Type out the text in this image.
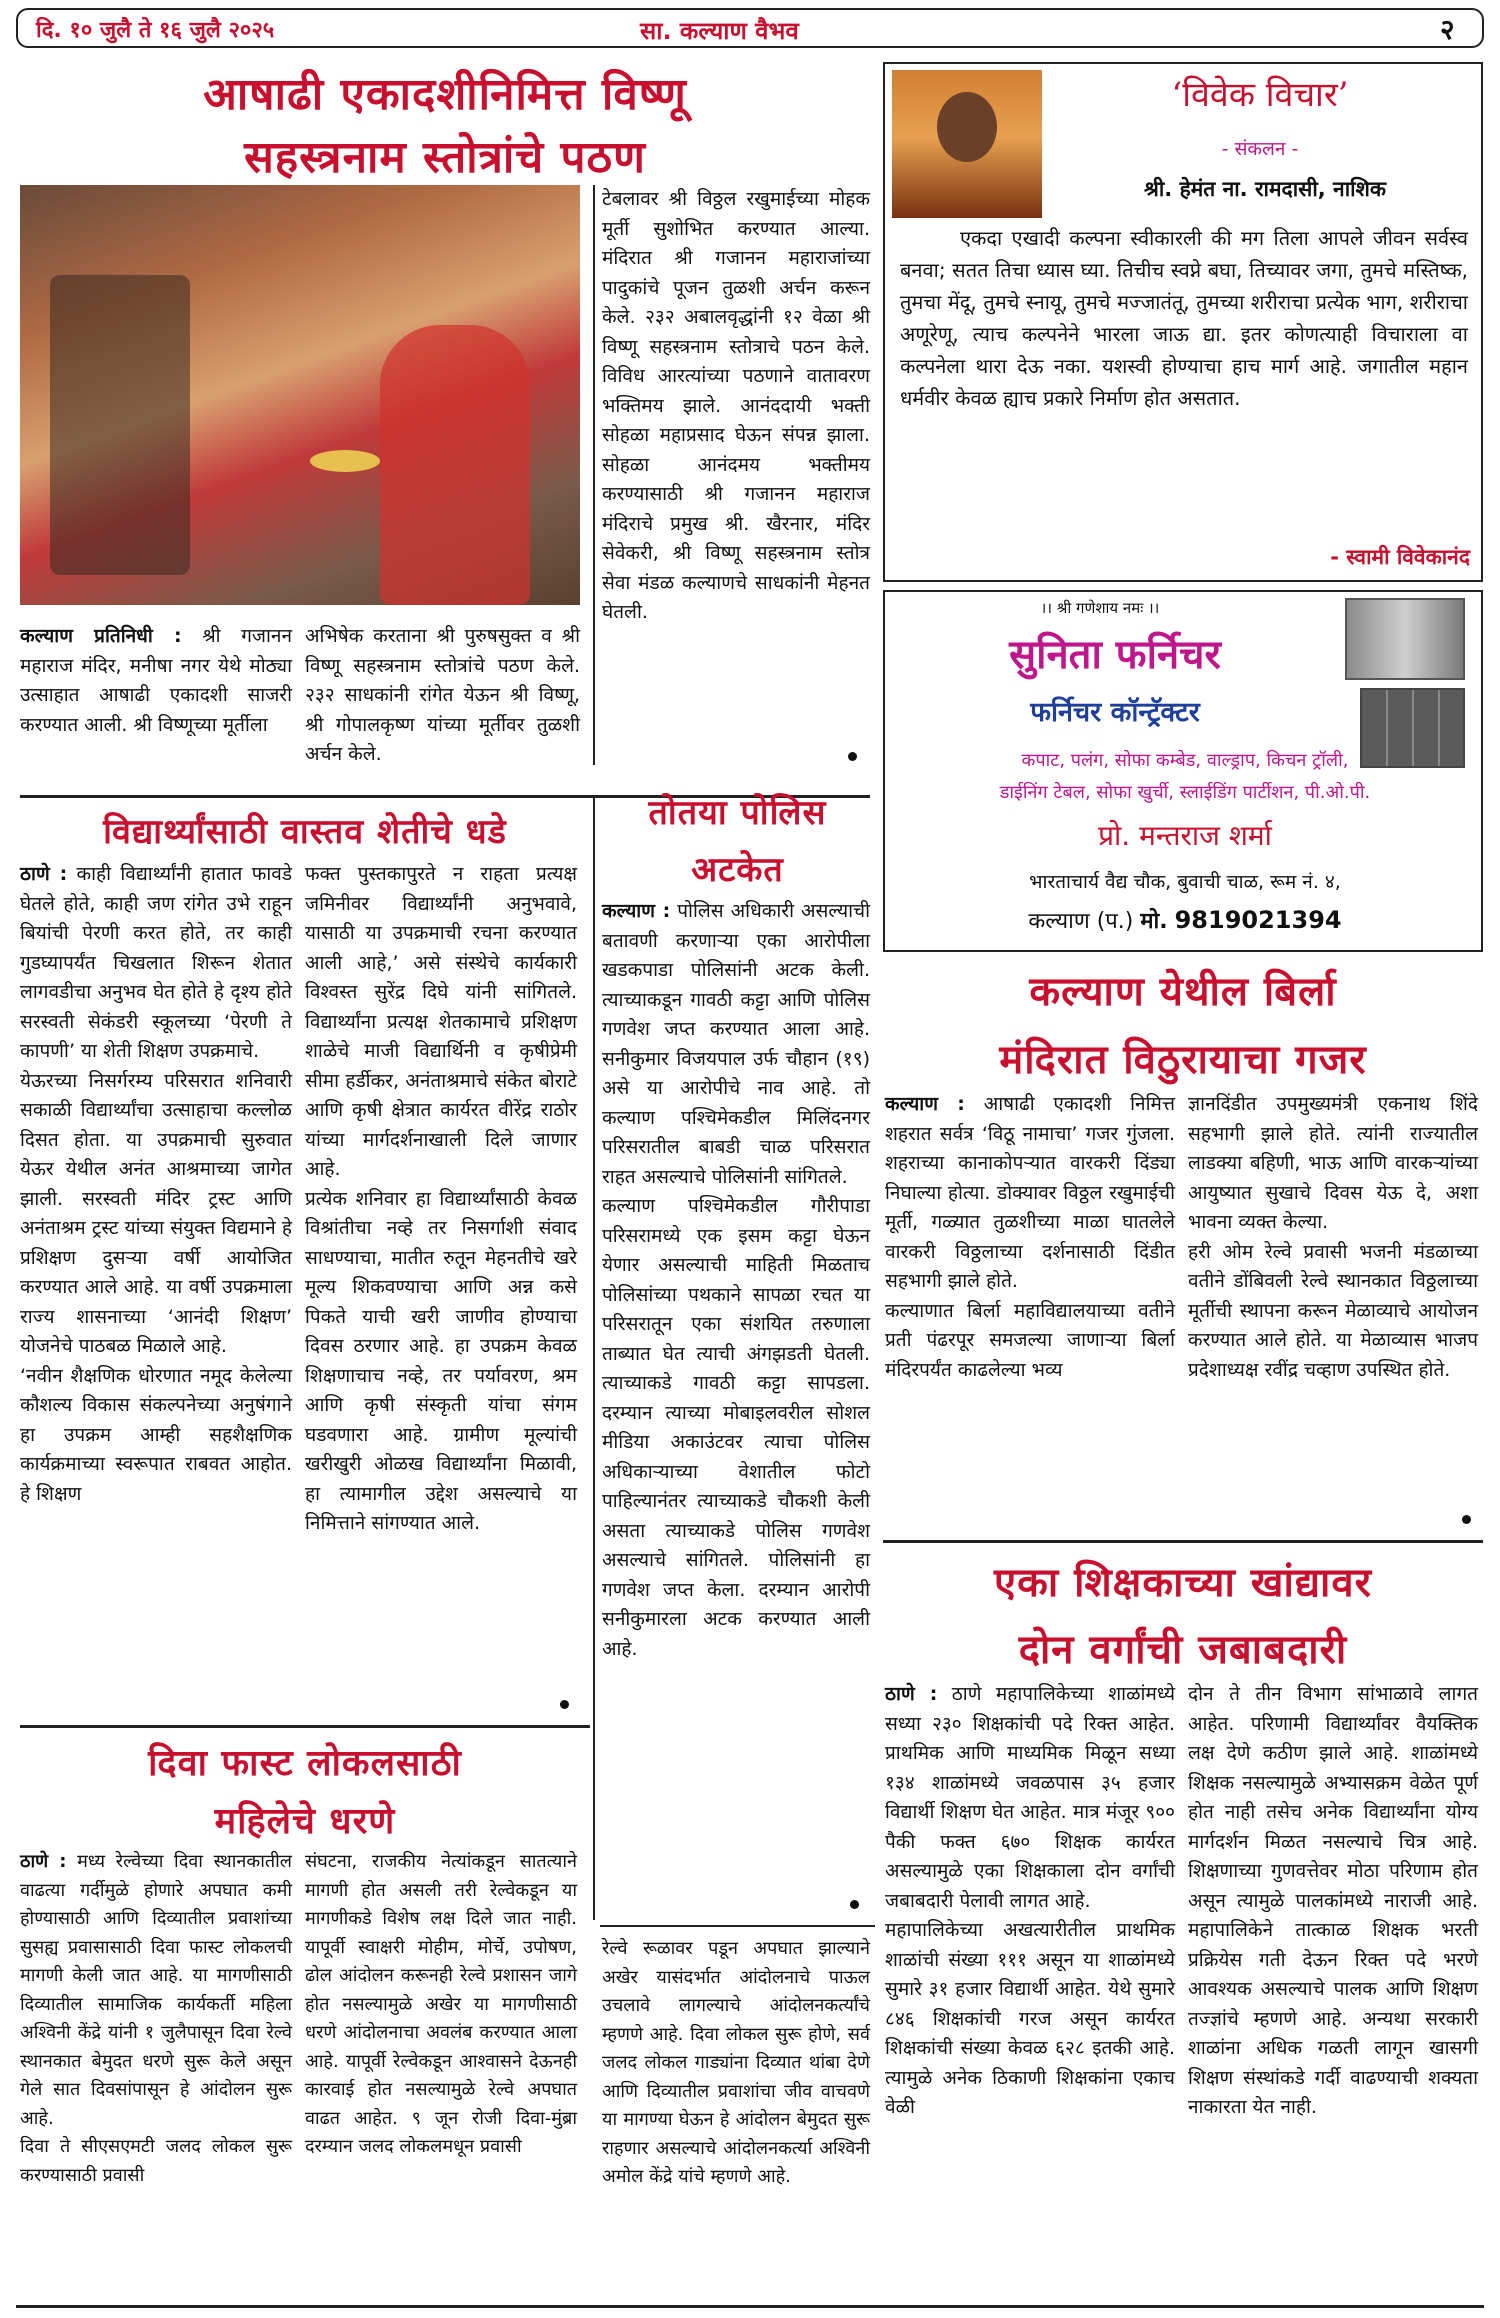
दि. १० जुलै ते १६ जुलै २०२५	सा. कल्याण वैभव	२
आषाढी एकादशीनिमित्त विष्णू
सहस्त्रनाम स्तोत्रांचे पठण
कल्याण प्रतिनिधी : श्री गजानन महाराज मंदिर, मनीषा नगर येथे मोठ्या उत्साहात आषाढी एकादशी साजरी करण्यात आली. श्री विष्णूच्या मूर्तीला
अभिषेक करताना श्री पुरुषसुक्त व श्री विष्णू सहस्त्रनाम स्तोत्रांचे पठण केले. २३२ साधकांनी रांगेत येऊन श्री विष्णू, श्री गोपालकृष्ण यांच्या मूर्तीवर तुळशी अर्चन केले.
टेबलावर श्री विठ्ठल रखुमाईच्या मोहक मूर्ती सुशोभित करण्यात आल्या. मंदिरात श्री गजानन महाराजांच्या पादुकांचे पूजन तुळशी अर्चन करून केले. २३२ अबालवृद्धांनी १२ वेळा श्री विष्णू सहस्त्रनाम स्तोत्राचे पठन केले. विविध आरत्यांच्या पठणाने वातावरण भक्तिमय झाले. आनंददायी भक्ती सोहळा महाप्रसाद घेऊन संपन्न झाला. सोहळा आनंदमय भक्तीमय करण्यासाठी श्री गजानन महाराज मंदिराचे प्रमुख श्री. खैरनार, मंदिर सेवेकरी, श्री विष्णू सहस्त्रनाम स्तोत्र सेवा मंडळ कल्याणचे साधकांनी मेहनत घेतली.
‘विवेक विचार’
- संकलन -
श्री. हेमंत ना. रामदासी, नाशिक
एकदा एखादी कल्पना स्वीकारली की मग तिला आपले जीवन सर्वस्व बनवा; सतत तिचा ध्यास घ्या. तिचीच स्वप्ने बघा, तिच्यावर जगा, तुमचे मस्तिष्क, तुमचा मेंदू, तुमचे स्नायू, तुमचे मज्जातंतू, तुमच्या शरीराचा प्रत्येक भाग, शरीराचा अणूरेणू, त्याच कल्पनेने भारला जाऊ द्या. इतर कोणत्याही विचाराला वा कल्पनेला थारा देऊ नका. यशस्वी होण्याचा हाच मार्ग आहे. जगातील महान धर्मवीर केवळ ह्याच प्रकारे निर्माण होत असतात.
- स्वामी विवेकानंद
।। श्री गणेशाय नमः ।।
सुनिता फर्निचर
फर्निचर कॉन्ट्रॅक्टर
कपाट, पलंग, सोफा कम्बेड, वाल्ड्राप, किचन ट्रॉली,
डाईनिंग टेबल, सोफा खुर्ची, स्लाईडिंग पार्टीशन, पी.ओ.पी.
प्रो. मन्तराज शर्मा
भारताचार्य वैद्य चौक, बुवाची चाळ, रूम नं. ४,
कल्याण (प.) मो. 9819021394
विद्यार्थ्यांसाठी वास्तव शेतीचे धडे
ठाणे : काही विद्यार्थ्यांनी हातात फावडे घेतले होते, काही जण रांगेत उभे राहून बियांची पेरणी करत होते, तर काही गुडघ्यापर्यंत चिखलात शिरून शेतात लागवडीचा अनुभव घेत होते हे दृश्य होते सरस्वती सेकंडरी स्कूलच्या ‘पेरणी ते कापणी’ या शेती शिक्षण उपक्रमाचे.
येऊरच्या निसर्गरम्य परिसरात शनिवारी सकाळी विद्यार्थ्यांचा उत्साहाचा कल्लोळ दिसत होता. या उपक्रमाची सुरुवात येऊर येथील अनंत आश्रमाच्या जागेत झाली. सरस्वती मंदिर ट्रस्ट आणि अनंताश्रम ट्रस्ट यांच्या संयुक्त विद्यमाने हे प्रशिक्षण दुसऱ्या वर्षी आयोजित करण्यात आले आहे. या वर्षी उपक्रमाला राज्य शासनाच्या ‘आनंदी शिक्षण’ योजनेचे पाठबळ मिळाले आहे.
‘नवीन शैक्षणिक धोरणात नमूद केलेल्या कौशल्य विकास संकल्पनेच्या अनुषंगाने हा उपक्रम आम्ही सहशैक्षणिक कार्यक्रमाच्या स्वरूपात राबवत आहोत. हे शिक्षण
फक्त पुस्तकापुरते न राहता प्रत्यक्ष जमिनीवर विद्यार्थ्यांनी अनुभवावे, यासाठी या उपक्रमाची रचना करण्यात आली आहे,’ असे संस्थेचे कार्यकारी विश्वस्त सुरेंद्र दिघे यांनी सांगितले. विद्यार्थ्यांना प्रत्यक्ष शेतकामाचे प्रशिक्षण शाळेचे माजी विद्यार्थिनी व कृषीप्रेमी सीमा हर्डीकर, अनंताश्रमाचे संकेत बोराटे आणि कृषी क्षेत्रात कार्यरत वीरेंद्र राठोर यांच्या मार्गदर्शनाखाली दिले जाणार आहे.
प्रत्येक शनिवार हा विद्यार्थ्यांसाठी केवळ विश्रांतीचा नव्हे तर निसर्गाशी संवाद साधण्याचा, मातीत रुतून मेहनतीचे खरे मूल्य शिकवण्याचा आणि अन्न कसे पिकते याची खरी जाणीव होण्याचा दिवस ठरणार आहे. हा उपक्रम केवळ शिक्षणाचाच नव्हे, तर पर्यावरण, श्रम आणि कृषी संस्कृती यांचा संगम घडवणारा आहे. ग्रामीण मूल्यांची खरीखुरी ओळख विद्यार्थ्यांना मिळावी, हा त्यामागील उद्देश असल्याचे या निमित्ताने सांगण्यात आले.
तोतया पोलिस
अटकेत
कल्याण : पोलिस अधिकारी असल्याची बतावणी करणाऱ्या एका आरोपीला खडकपाडा पोलिसांनी अटक केली. त्याच्याकडून गावठी कट्टा आणि पोलिस गणवेश जप्त करण्यात आला आहे. सनीकुमार विजयपाल उर्फ चौहान (१९) असे या आरोपीचे नाव आहे. तो कल्याण पश्चिमेकडील मिलिंदनगर परिसरातील बाबडी चाळ परिसरात राहत असल्याचे पोलिसांनी सांगितले.
कल्याण पश्चिमेकडील गौरीपाडा परिसरामध्ये एक इसम कट्टा घेऊन येणार असल्याची माहिती मिळताच पोलिसांच्या पथकाने सापळा रचत या परिसरातून एका संशयित तरुणाला ताब्यात घेत त्याची अंगझडती घेतली. त्याच्याकडे गावठी कट्टा सापडला. दरम्यान त्याच्या मोबाइलवरील सोशल मीडिया अकाउंटवर त्याचा पोलिस अधिकाऱ्याच्या वेशातील फोटो पाहिल्यानंतर त्याच्याकडे चौकशी केली असता त्याच्याकडे पोलिस गणवेश असल्याचे सांगितले. पोलिसांनी हा गणवेश जप्त केला. दरम्यान आरोपी सनीकुमारला अटक करण्यात आली आहे.
कल्याण येथील बिर्ला
मंदिरात विठुरायाचा गजर
कल्याण : आषाढी एकादशी निमित्त शहरात सर्वत्र ‘विठू नामाचा’ गजर गुंजला. शहराच्या कानाकोपऱ्यात वारकरी दिंड्या निघाल्या होत्या. डोक्यावर विठ्ठल रखुमाईची मूर्ती, गळ्यात तुळशीच्या माळा घातलेले वारकरी विठ्ठलाच्या दर्शनासाठी दिंडीत सहभागी झाले होते.
कल्याणात बिर्ला महाविद्यालयाच्या वतीने प्रती पंढरपूर समजल्या जाणाऱ्या बिर्ला मंदिरपर्यंत काढलेल्या भव्य
ज्ञानदिंडीत उपमुख्यमंत्री एकनाथ शिंदे सहभागी झाले होते. त्यांनी राज्यातील लाडक्या बहिणी, भाऊ आणि वारकऱ्यांच्या आयुष्यात सुखाचे दिवस येऊ दे, अशा भावना व्यक्त केल्या.
हरी ओम रेल्वे प्रवासी भजनी मंडळाच्या वतीने डोंबिवली रेल्वे स्थानकात विठ्ठलाच्या मूर्तीची स्थापना करून मेळाव्याचे आयोजन करण्यात आले होते. या मेळाव्यास भाजप प्रदेशाध्यक्ष रवींद्र चव्हाण उपस्थित होते.
एका शिक्षकाच्या खांद्यावर
दोन वर्गांची जबाबदारी
ठाणे : ठाणे महापालिकेच्या शाळांमध्ये सध्या २३० शिक्षकांची पदे रिक्त आहेत. प्राथमिक आणि माध्यमिक मिळून सध्या १३४ शाळांमध्ये जवळपास ३५ हजार विद्यार्थी शिक्षण घेत आहेत. मात्र मंजूर ९०० पैकी फक्त ६७० शिक्षक कार्यरत असल्यामुळे एका शिक्षकाला दोन वर्गांची जबाबदारी पेलावी लागत आहे.
महापालिकेच्या अखत्यारीतील प्राथमिक शाळांची संख्या १११ असून या शाळांमध्ये सुमारे ३१ हजार विद्यार्थी आहेत. येथे सुमारे ८४६ शिक्षकांची गरज असून कार्यरत शिक्षकांची संख्या केवळ ६२८ इतकी आहे. त्यामुळे अनेक ठिकाणी शिक्षकांना एकाच वेळी
दोन ते तीन विभाग सांभाळावे लागत आहेत. परिणामी विद्यार्थ्यांवर वैयक्तिक लक्ष देणे कठीण झाले आहे. शाळांमध्ये शिक्षक नसल्यामुळे अभ्यासक्रम वेळेत पूर्ण होत नाही तसेच अनेक विद्यार्थ्यांना योग्य मार्गदर्शन मिळत नसल्याचे चित्र आहे. शिक्षणाच्या गुणवत्तेवर मोठा परिणाम होत असून त्यामुळे पालकांमध्ये नाराजी आहे. महापालिकेने तात्काळ शिक्षक भरती प्रक्रियेस गती देऊन रिक्त पदे भरणे आवश्यक असल्याचे पालक आणि शिक्षण तज्ज्ञांचे म्हणणे आहे. अन्यथा सरकारी शाळांना अधिक गळती लागून खासगी शिक्षण संस्थांकडे गर्दी वाढण्याची शक्यता नाकारता येत नाही.
दिवा फास्ट लोकलसाठी
महिलेचे धरणे
ठाणे : मध्य रेल्वेच्या दिवा स्थानकातील वाढत्या गर्दीमुळे होणारे अपघात कमी होण्यासाठी आणि दिव्यातील प्रवाशांच्या सुसह्य प्रवासासाठी दिवा फास्ट लोकलची मागणी केली जात आहे. या मागणीसाठी दिव्यातील सामाजिक कार्यकर्ती महिला अश्विनी केंद्रे यांनी १ जुलैपासून दिवा रेल्वे स्थानकात बेमुदत धरणे सुरू केले असून गेले सात दिवसांपासून हे आंदोलन सुरू आहे.
दिवा ते सीएसएमटी जलद लोकल सुरू करण्यासाठी प्रवासी
संघटना, राजकीय नेत्यांकडून सातत्याने मागणी होत असली तरी रेल्वेकडून या मागणीकडे विशेष लक्ष दिले जात नाही. यापूर्वी स्वाक्षरी मोहीम, मोर्चे, उपोषण, ढोल आंदोलन करूनही रेल्वे प्रशासन जागे होत नसल्यामुळे अखेर या मागणीसाठी धरणे आंदोलनाचा अवलंब करण्यात आला आहे. यापूर्वी रेल्वेकडून आश्वासने देऊनही कारवाई होत नसल्यामुळे रेल्वे अपघात वाढत आहेत. ९ जून रोजी दिवा-मुंब्रा दरम्यान जलद लोकलमधून प्रवासी
रेल्वे रूळावर पडून अपघात झाल्याने अखेर यासंदर्भात आंदोलनाचे पाऊल उचलावे लागल्याचे आंदोलनकर्त्यांचे म्हणणे आहे. दिवा लोकल सुरू होणे, सर्व जलद लोकल गाड्यांना दिव्यात थांबा देणे आणि दिव्यातील प्रवाशांचा जीव वाचवणे या मागण्या घेऊन हे आंदोलन बेमुदत सुरू राहणार असल्याचे आंदोलनकर्त्या अश्विनी अमोल केंद्रे यांचे म्हणणे आहे.
